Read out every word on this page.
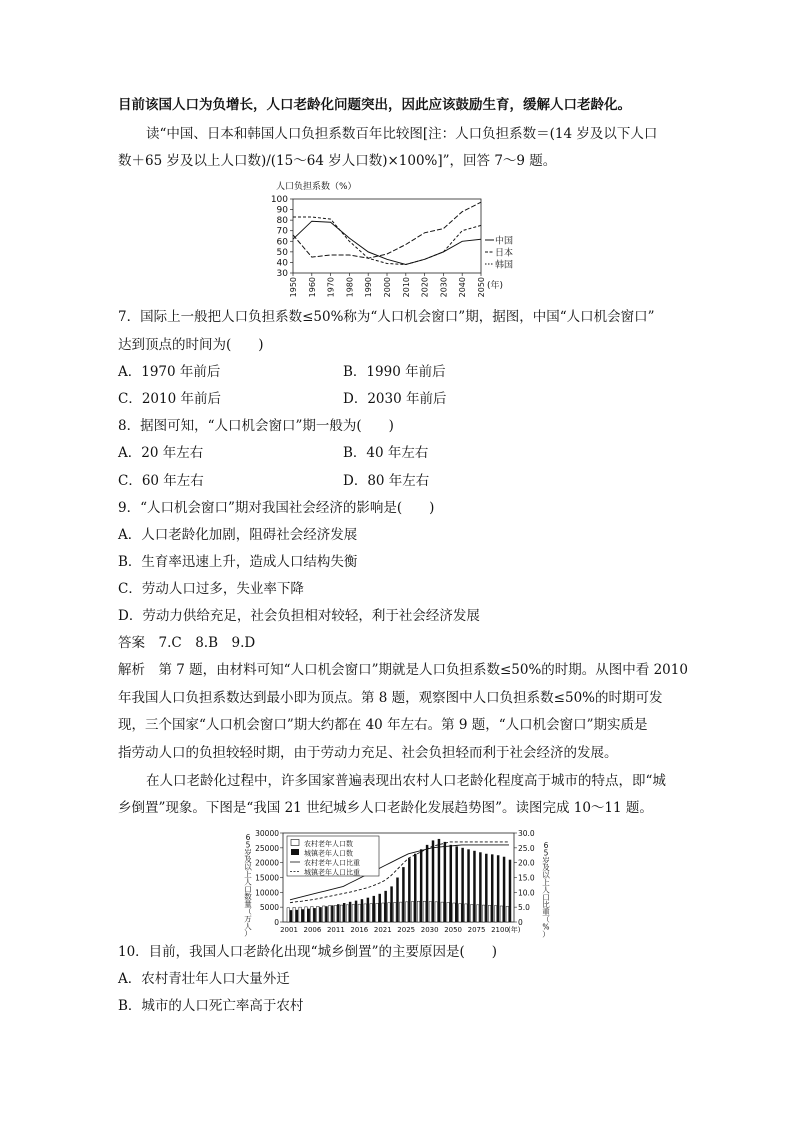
目前该国人口为负增长，人口老龄化问题突出，因此应该鼓励生育，缓解人口老龄化。
读“中国、日本和韩国人口负担系数百年比较图[注：人口负担系数＝(14 岁及以下人口
数＋65 岁及以上人口数)/(15～64 岁人口数)×100%]”，回答 7～9 题。
人口负担系数（%）
30
40
50
60
70
80
90
100
1950 1960 1970 1980 1990 2000 2010 2020 2030 2040 2050 (年)
中国
日本
韩国
7．国际上一般把人口负担系数≤50%称为“人口机会窗口”期，据图，中国“人口机会窗口”
达到顶点的时间为(　　)
A．1970 年前后	B．1990 年前后
C．2010 年前后	D．2030 年前后
8．据图可知，“人口机会窗口”期一般为(　　)
A．20 年左右	B．40 年左右
C．60 年左右	D．80 年左右
9．“人口机会窗口”期对我国社会经济的影响是(　　)
A．人口老龄化加剧，阻碍社会经济发展
B．生育率迅速上升，造成人口结构失衡
C．劳动人口过多，失业率下降
D．劳动力供给充足，社会负担相对较轻，利于社会经济发展
答案　7.C　8.B　9.D
解析　第 7 题，由材料可知“人口机会窗口”期就是人口负担系数≤50%的时期。从图中看 2010
年我国人口负担系数达到最小即为顶点。第 8 题，观察图中人口负担系数≤50%的时期可发
现，三个国家“人口机会窗口”期大约都在 40 年左右。第 9 题，“人口机会窗口”期实质是
指劳动人口的负担较轻时期，由于劳动力充足、社会负担轻而利于社会经济的发展。
在人口老龄化过程中，许多国家普遍表现出农村人口老龄化程度高于城市的特点，即“城
乡倒置”现象。下图是“我国 21 世纪城乡人口老龄化发展趋势图”。读图完成 10～11 题。
0
5000
10000
15000
20000
25000
30000
0
5.0
10.0
15.0
20.0
25.0
30.0
6
5
岁
及
以
上
人
口
数
量
（
万
人
）
6
5
岁
及
以
上
人
口
比
重
（
%
）
2001 2006 2011 2016 2021 2025 2030 2050 2075 2100 (年)
农村老年人口数
城镇老年人口数
农村老年人口比重
城镇老年人口比重
10．目前，我国人口老龄化出现“城乡倒置”的主要原因是(　　)
A．农村青壮年人口大量外迁
B．城市的人口死亡率高于农村
